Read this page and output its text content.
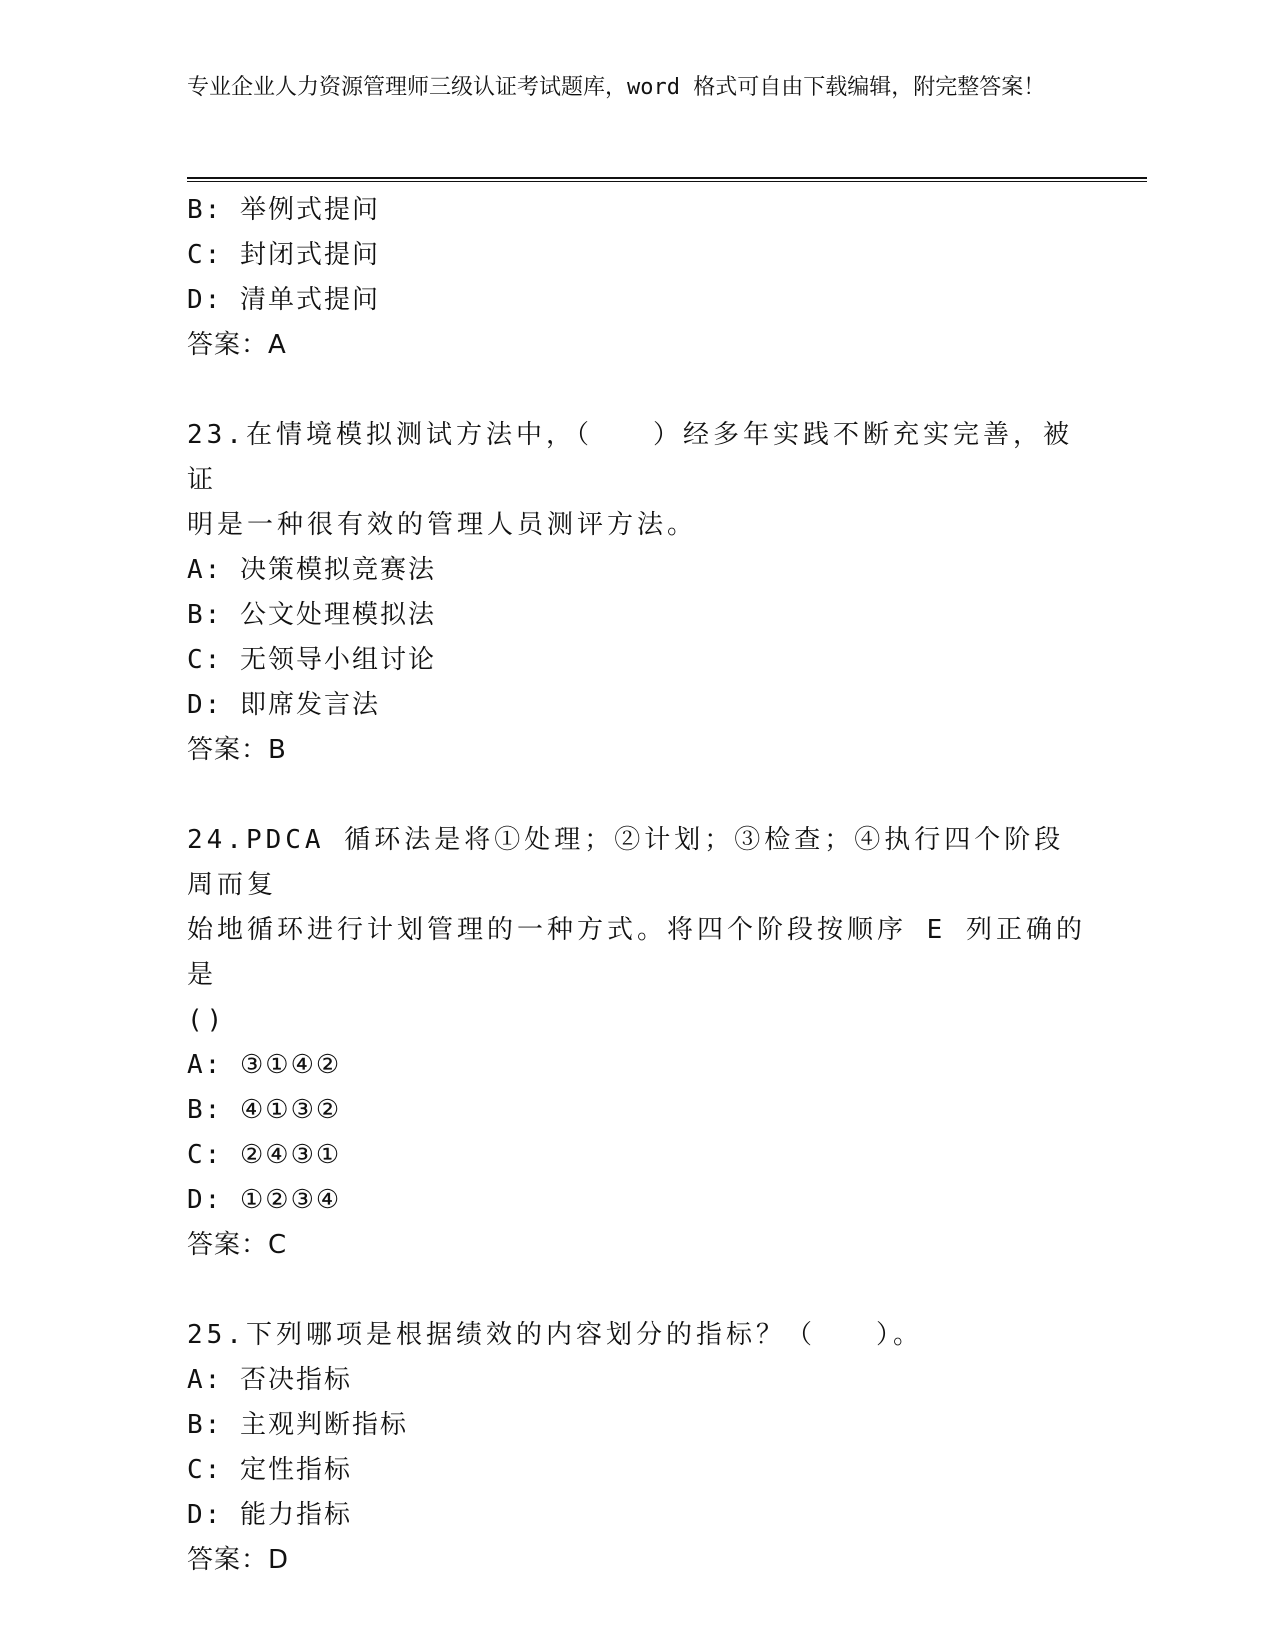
专业企业人力资源管理师三级认证考试题库，word 格式可自由下载编辑，附完整答案！
B: 举例式提问
C: 封闭式提问
D: 清单式提问
答案：A
23.在情境模拟测试方法中，（　　）经多年实践不断充实完善，被证
明是一种很有效的管理人员测评方法。
A: 决策模拟竞赛法
B: 公文处理模拟法
C: 无领导小组讨论
D: 即席发言法
答案：B
24.PDCA 循环法是将①处理；②计划；③检查；④执行四个阶段周而复
始地循环进行计划管理的一种方式。将四个阶段按顺序 E 列正确的是
()
A: ③①④②
B: ④①③②
C: ②④③①
D: ①②③④
答案：C
25.下列哪项是根据绩效的内容划分的指标？（　　）。
A: 否决指标
B: 主观判断指标
C: 定性指标
D: 能力指标
答案：D
